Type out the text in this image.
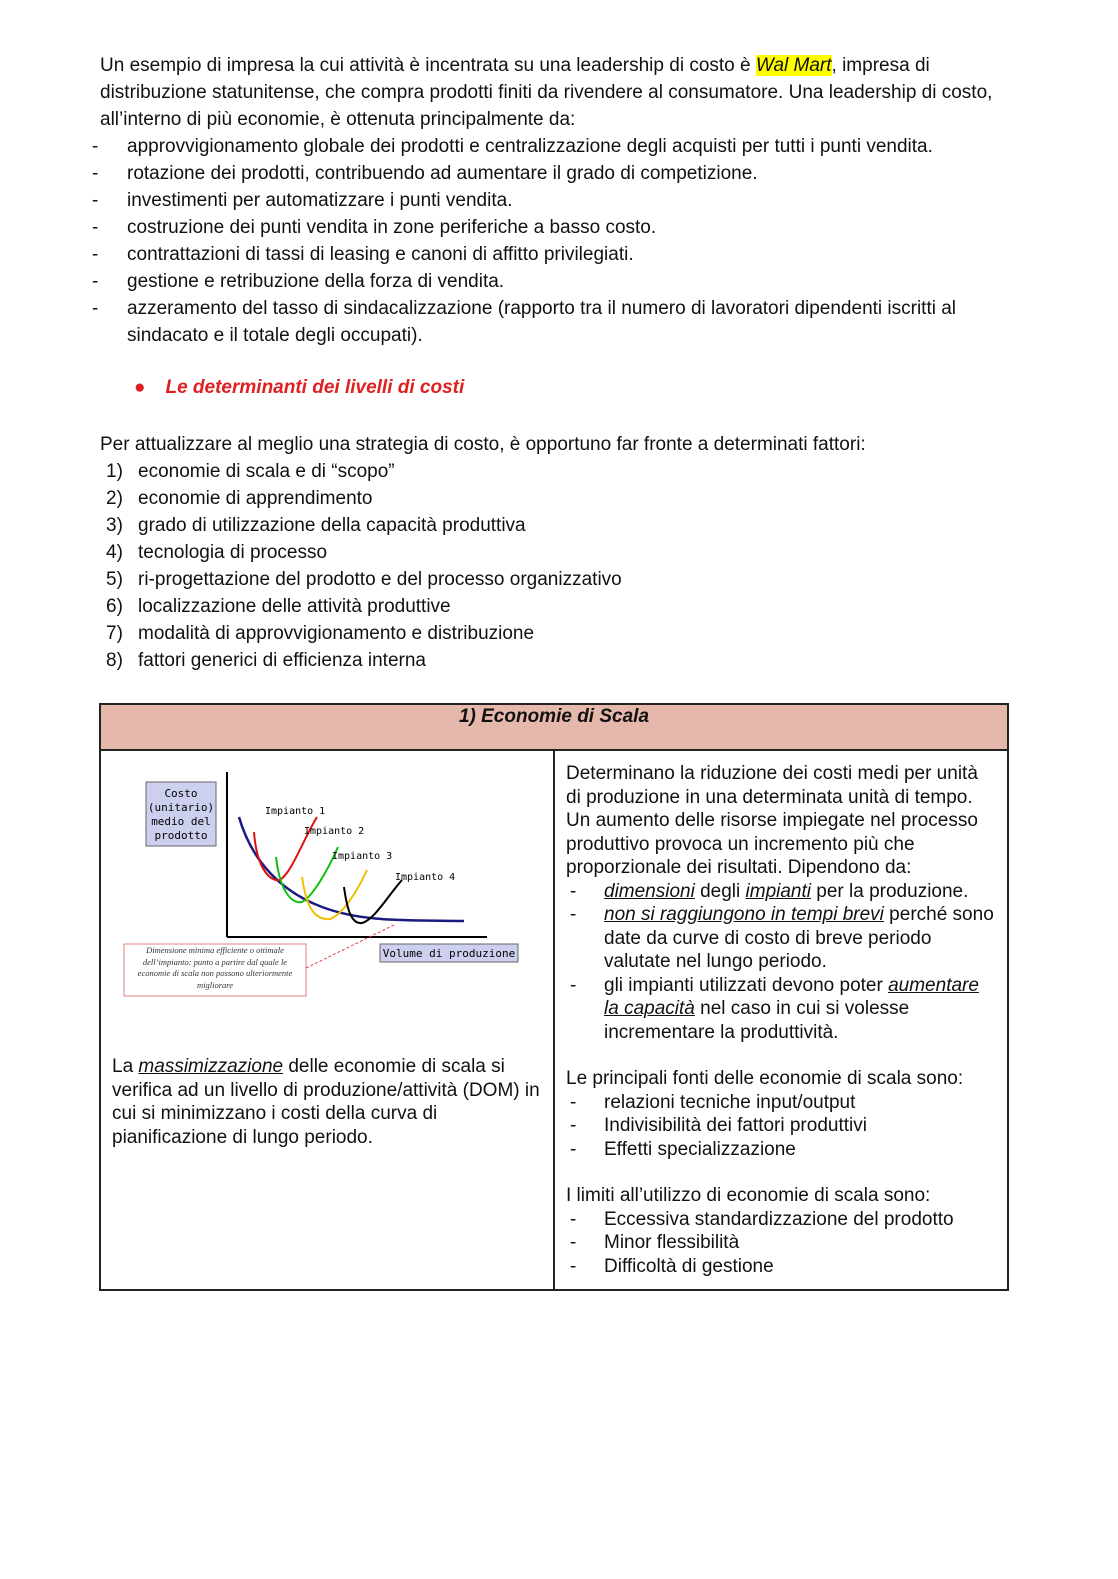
Un esempio di impresa la cui attività è incentrata su una leadership di costo è Wal Mart, impresa di distribuzione statunitense, che compra prodotti finiti da rivendere al consumatore. Una leadership di costo, all’interno di più economie, è ottenuta principalmente da:
- approvvigionamento globale dei prodotti e centralizzazione degli acquisti per tutti i punti vendita.
- rotazione dei prodotti, contribuendo ad aumentare il grado di competizione.
- investimenti per automatizzare i punti vendita.
- costruzione dei punti vendita in zone periferiche a basso costo.
- contrattazioni di tassi di leasing e canoni di affitto privilegiati.
- gestione e retribuzione della forza di vendita.
- azzeramento del tasso di sindacalizzazione (rapporto tra il numero di lavoratori dipendenti iscritti al sindacato e il totale degli occupati).
● Le determinanti dei livelli di costi
Per attualizzare al meglio una strategia di costo, è opportuno far fronte a determinati fattori:
1) economie di scala e di “scopo”
2) economie di apprendimento
3) grado di utilizzazione della capacità produttiva
4) tecnologia di processo
5) ri-progettazione del prodotto e del processo organizzativo
6) localizzazione delle attività produttive
7) modalità di approvvigionamento e distribuzione
8) fattori generici di efficienza interna
1) Economie di Scala

Costo (unitario) medio del prodotto
Impianto 1 Impianto 2 Impianto 3Impianto 4
Volume di produzione
Dimensione minima efficiente o ottimale dell’impianto: punto a partire dal quale le economie di scala non possono ulteriormente migliorare
La massimizzazione delle economie di scala si verifica ad un livello di produzione/attività (DOM) in cui si minimizzano i costi della curva di pianificazione di lungo periodo.

Determinano la riduzione dei costi medi per unità di produzione in una determinata unità di tempo. Un aumento delle risorse impiegate nel processo produttivo provoca un incremento più che proporzionale dei risultati. Dipendono da:
- dimensioni degli impianti per la produzione.
- non si raggiungono in tempi brevi perché sono date da curve di costo di breve periodo valutate nel lungo periodo.
- gli impianti utilizzati devono poter aumentare la capacità nel caso in cui si volesse incrementare la produttività.
Le principali fonti delle economie di scala sono:
- relazioni tecniche input/output
- Indivisibilità dei fattori produttivi
- Effetti specializzazione
I limiti all’utilizzo di economie di scala sono:
- Eccessiva standardizzazione del prodotto
- Minor flessibilità
- Difficoltà di gestione
